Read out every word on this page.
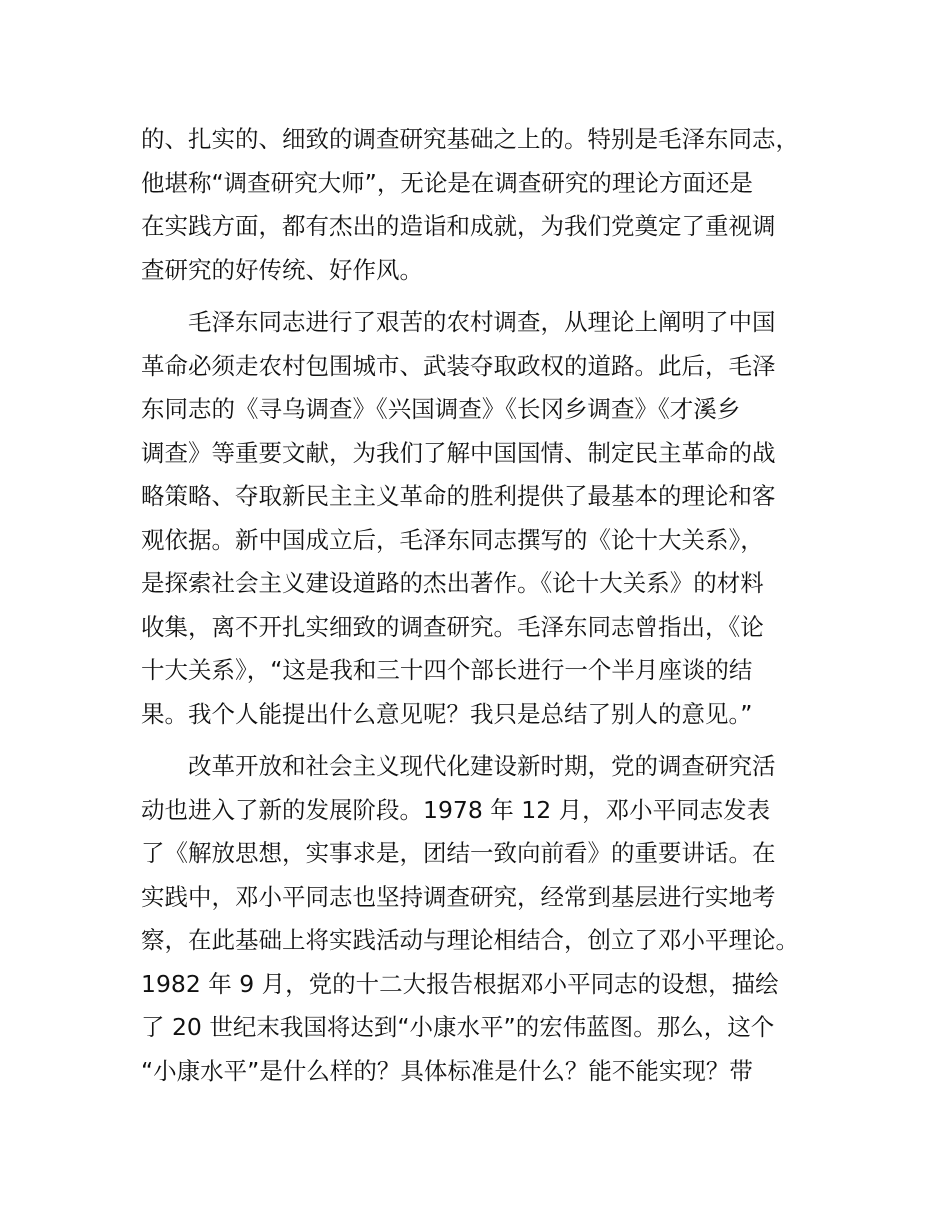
的、扎实的、细致的调查研究基础之上的。特别是毛泽东同志，
他堪称“调查研究大师”，无论是在调查研究的理论方面还是
在实践方面，都有杰出的造诣和成就，为我们党奠定了重视调
查研究的好传统、好作风。

毛泽东同志进行了艰苦的农村调查，从理论上阐明了中国
革命必须走农村包围城市、武装夺取政权的道路。此后，毛泽
东同志的《寻乌调查》《兴国调查》《长冈乡调查》《才溪乡
调查》等重要文献，为我们了解中国国情、制定民主革命的战
略策略、夺取新民主主义革命的胜利提供了最基本的理论和客
观依据。新中国成立后，毛泽东同志撰写的《论十大关系》，
是探索社会主义建设道路的杰出著作。《论十大关系》的材料
收集，离不开扎实细致的调查研究。毛泽东同志曾指出，《论
十大关系》，“这是我和三十四个部长进行一个半月座谈的结
果。我个人能提出什么意见呢？我只是总结了别人的意见。”

改革开放和社会主义现代化建设新时期，党的调查研究活
动也进入了新的发展阶段。1978 年 12 月，邓小平同志发表
了《解放思想，实事求是，团结一致向前看》的重要讲话。在
实践中，邓小平同志也坚持调查研究，经常到基层进行实地考
察，在此基础上将实践活动与理论相结合，创立了邓小平理论。
1982 年 9 月，党的十二大报告根据邓小平同志的设想，描绘
了 20 世纪末我国将达到“小康水平”的宏伟蓝图。那么，这个
“小康水平”是什么样的？具体标准是什么？能不能实现？带
